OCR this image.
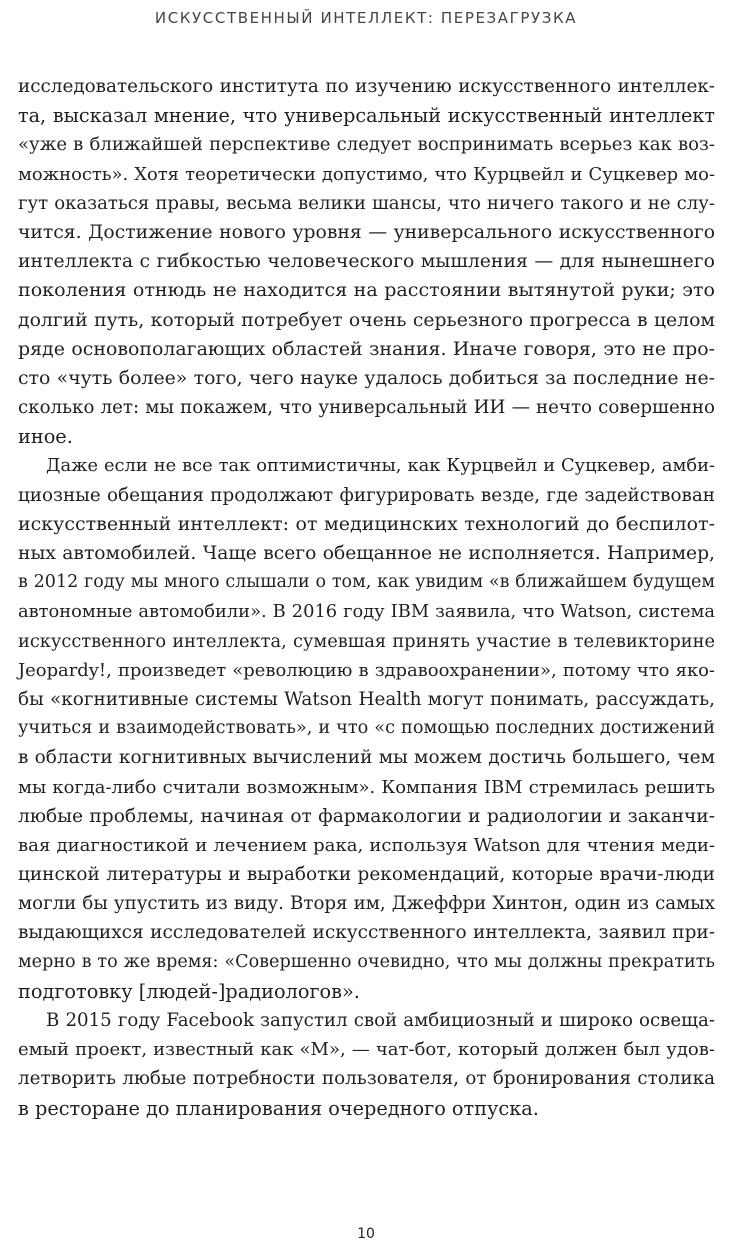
ИСКУССТВЕННЫЙ ИНТЕЛЛЕКТ: ПЕРЕЗАГРУЗКА
исследовательского института по изучению искусственного интеллек-
та, высказал мнение, что универсальный искусственный интеллект
«уже в ближайшей перспективе следует воспринимать всерьез как воз-
можность». Хотя теоретически допустимо, что Курцвейл и Суцкевер мо-
гут оказаться правы, весьма велики шансы, что ничего такого и не слу-
чится. Достижение нового уровня — универсального искусственного
интеллекта с гибкостью человеческого мышления — для нынешнего
поколения отнюдь не находится на расстоянии вытянутой руки; это
долгий путь, который потребует очень серьезного прогресса в целом
ряде основополагающих областей знания. Иначе говоря, это не про-
сто «чуть более» того, чего науке удалось добиться за последние не-
сколько лет: мы покажем, что универсальный ИИ — нечто совершенно
иное.
Даже если не все так оптимистичны, как Курцвейл и Суцкевер, амби-
циозные обещания продолжают фигурировать везде, где задействован
искусственный интеллект: от медицинских технологий до беспилот-
ных автомобилей. Чаще всего обещанное не исполняется. Например,
в 2012 году мы много слышали о том, как увидим «в ближайшем будущем
автономные автомобили». В 2016 году IBM заявила, что Watson, система
искусственного интеллекта, сумевшая принять участие в телевикторине
Jeopardy!, произведет «революцию в здравоохранении», потому что яко-
бы «когнитивные системы Watson Health могут понимать, рассуждать,
учиться и взаимодействовать», и что «с помощью последних достижений
в области когнитивных вычислений мы можем достичь большего, чем
мы когда-либо считали возможным». Компания IBM стремилась решить
любые проблемы, начиная от фармакологии и радиологии и заканчи-
вая диагностикой и лечением рака, используя Watson для чтения меди-
цинской литературы и выработки рекомендаций, которые врачи-люди
могли бы упустить из виду. Вторя им, Джеффри Хинтон, один из самых
выдающихся исследователей искусственного интеллекта, заявил при-
мерно в то же время: «Совершенно очевидно, что мы должны прекратить
подготовку [людей-]радиологов».
В 2015 году Facebook запустил свой амбициозный и широко освеща-
емый проект, известный как «М», — чат-бот, который должен был удов-
летворить любые потребности пользователя, от бронирования столика
в ресторане до планирования очередного отпуска.
10
